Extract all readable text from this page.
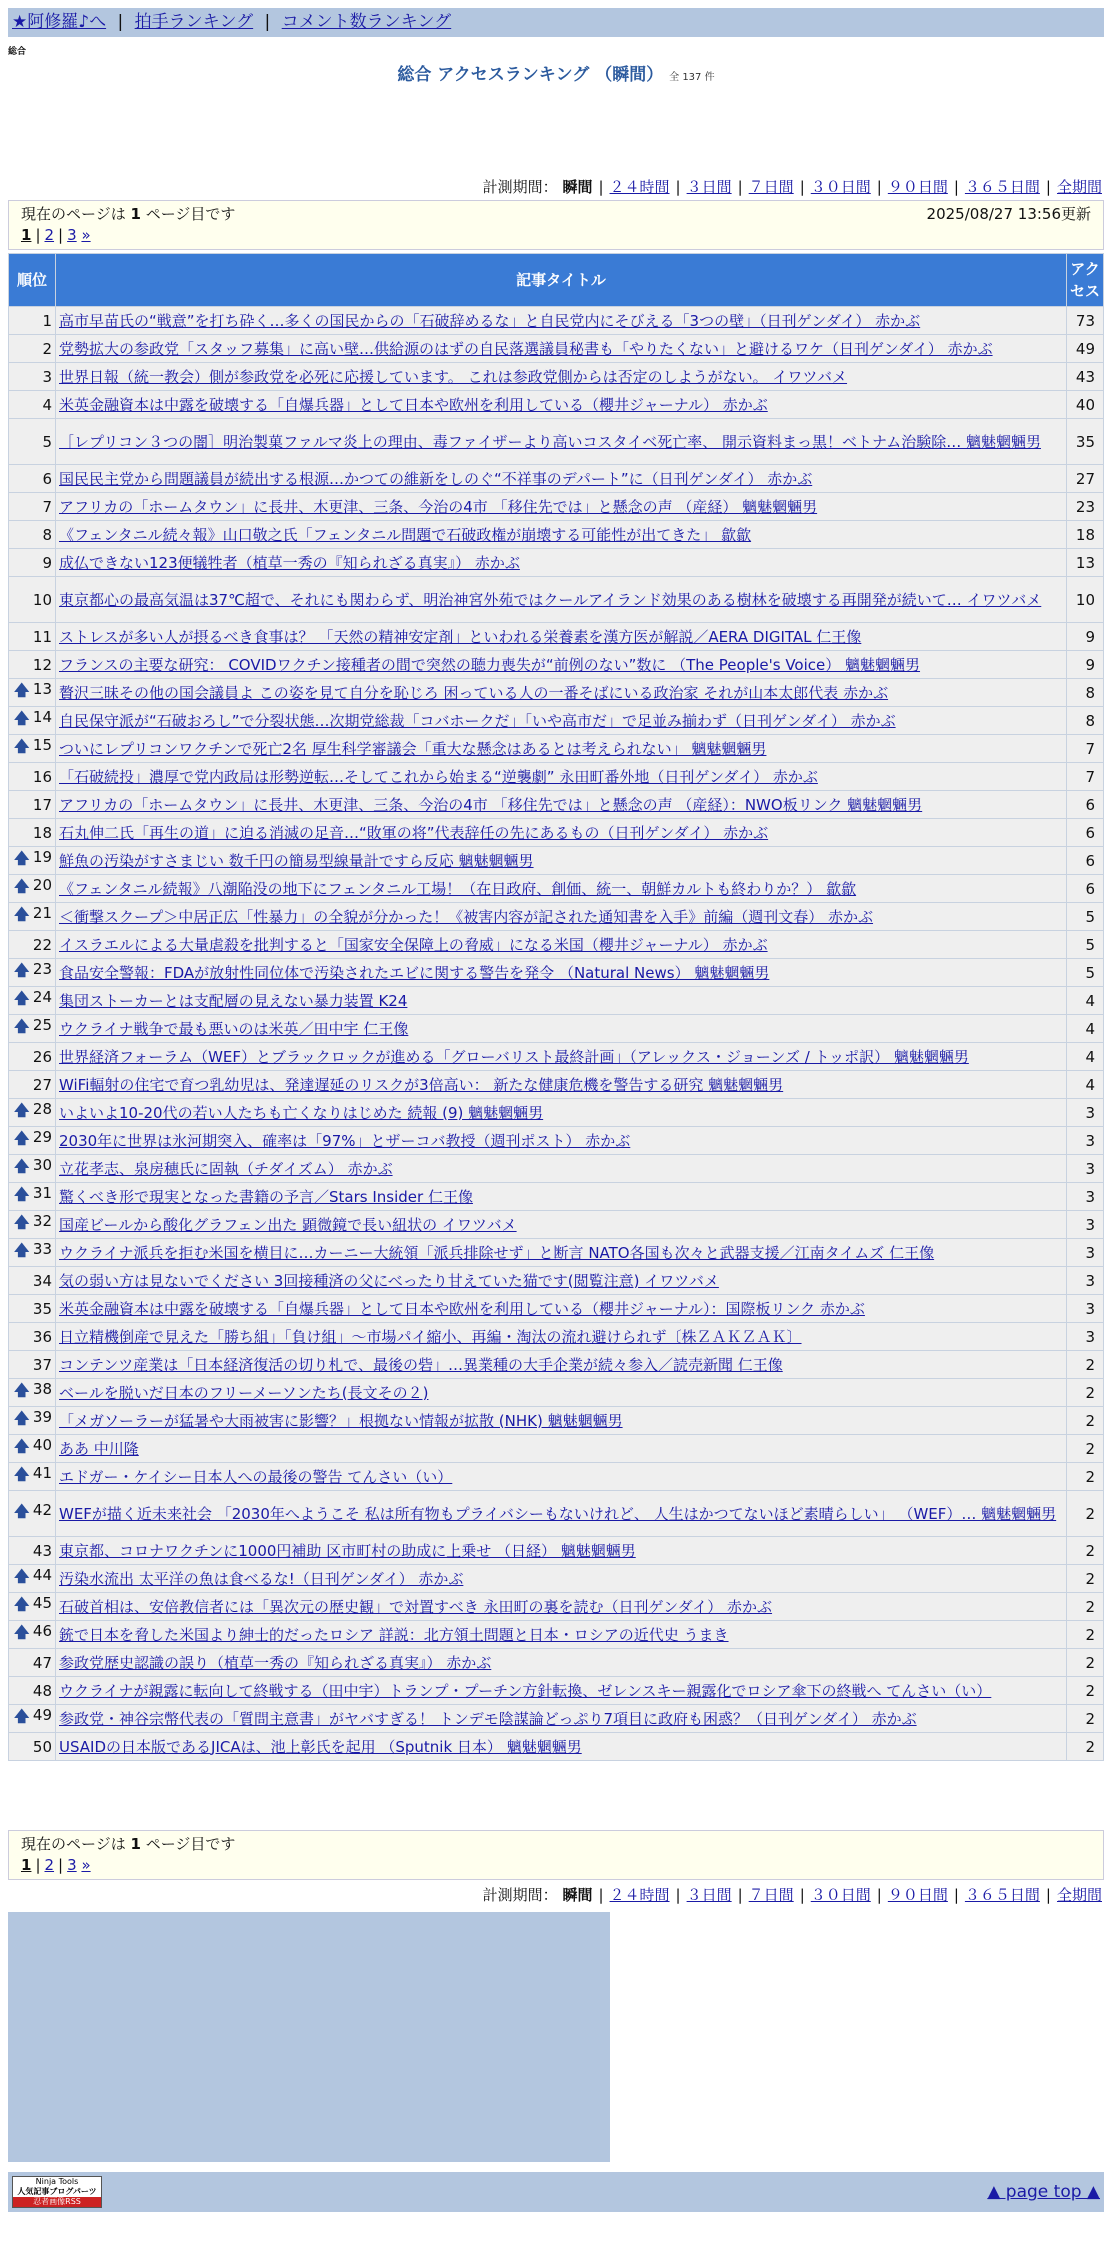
★阿修羅♪へ | 拍手ランキング | コメント数ランキング
総合
総合 アクセスランキング （瞬間） 全 137 件
計測期間： 瞬間 | ２４時間 | ３日間 | ７日間 | ３０日間 | ９０日間 | ３６５日間 | 全期間
現在のページは 1 ページ目です	2025/08/27 13:56更新
1 | 2 | 3 »
順位	記事タイトル	アクセス
1	高市早苗氏の“戦意”を打ち砕く…多くの国民からの「石破辞めるな」と自民党内にそびえる「3つの壁」（日刊ゲンダイ） 赤かぶ	73
2	党勢拡大の参政党「スタッフ募集」に高い壁…供給源のはずの自民落選議員秘書も「やりたくない」と避けるワケ（日刊ゲンダイ） 赤かぶ	49
3	世界日報（統一教会）側が参政党を必死に応援しています。 これは参政党側からは否定のしようがない。 イワツバメ	43
4	米英金融資本は中露を破壊する「自爆兵器」として日本や欧州を利用している（櫻井ジャーナル） 赤かぶ	40
5	［レプリコン３つの闇］明治製菓ファルマ炎上の理由、毒ファイザーより高いコスタイベ死亡率、 開示資料まっ黒！ベトナム治験除… 魑魅魍魎男	35
6	国民民主党から問題議員が続出する根源…かつての維新をしのぐ“不祥事のデパート”に（日刊ゲンダイ） 赤かぶ	27
7	アフリカの「ホームタウン」に長井、木更津、三条、今治の4市 「移住先では」と懸念の声 （産経） 魑魅魍魎男	23
8	《フェンタニル続々報》山口敬之氏「フェンタニル問題で石破政権が崩壊する可能性が出てきた」 歙歙	18
9	成仏できない123便犠牲者（植草一秀の『知られざる真実』） 赤かぶ	13
10	東京都心の最高気温は37℃超で、それにも関わらず、明治神宮外苑ではクールアイランド効果のある樹林を破壊する再開発が続いて… イワツバメ	10
11	ストレスが多い人が摂るべき食事は？ 「天然の精神安定剤」といわれる栄養素を漢方医が解説／AERA DIGITAL 仁王像	9
12	フランスの主要な研究： COVIDワクチン接種者の間で突然の聴力喪失が“前例のない”数に （The People's Voice） 魑魅魍魎男	9

🡅 13	贅沢三昧その他の国会議員よ この姿を見て自分を恥じろ 困っている人の一番そばにいる政治家 それが山本太郎代表 赤かぶ	8

🡅 14	自民保守派が“石破おろし”で分裂状態…次期党総裁「コバホークだ」「いや高市だ」で足並み揃わず（日刊ゲンダイ） 赤かぶ	8

🡅 15	ついにレプリコンワクチンで死亡2名 厚生科学審議会「重大な懸念はあるとは考えられない」 魑魅魍魎男	7
16	「石破続投」濃厚で党内政局は形勢逆転…そしてこれから始まる“逆襲劇” 永田町番外地（日刊ゲンダイ） 赤かぶ	7
17	アフリカの「ホームタウン」に長井、木更津、三条、今治の4市 「移住先では」と懸念の声 （産経）：NWO板リンク 魑魅魍魎男	6
18	石丸伸二氏「再生の道」に迫る消滅の足音…“敗軍の将”代表辞任の先にあるもの（日刊ゲンダイ） 赤かぶ	6

🡅 19	鮮魚の汚染がすさまじい 数千円の簡易型線量計ですら反応 魑魅魍魎男	6

🡅 20	《フェンタニル続報》八潮陥没の地下にフェンタニル工場！（在日政府、創価、統一、朝鮮カルトも終わりか？） 歙歙	6

🡅 21	＜衝撃スクープ＞中居正広「性暴力」の全貌が分かった！《被害内容が記された通知書を入手》前編（週刊文春） 赤かぶ	5
22	イスラエルによる大量虐殺を批判すると「国家安全保障上の脅威」になる米国（櫻井ジャーナル） 赤かぶ	5

🡅 23	食品安全警報：FDAが放射性同位体で汚染されたエビに関する警告を発令 （Natural News） 魑魅魍魎男	5

🡅 24	集団ストーカーとは支配層の見えない暴力装置 K24	4

🡅 25	ウクライナ戦争で最も悪いのは米英／田中宇 仁王像	4
26	世界経済フォーラム（WEF）とブラックロックが進める「グローバリスト最終計画」（アレックス・ジョーンズ / トッポ訳） 魑魅魍魎男	4
27	WiFi輻射の住宅で育つ乳幼児は、発達遅延のリスクが3倍高い： 新たな健康危機を警告する研究 魑魅魍魎男	4

🡅 28	いよいよ10-20代の若い人たちも亡くなりはじめた 続報 (9) 魑魅魍魎男	3

🡅 29	2030年に世界は氷河期突入、確率は「97%」とザーコバ教授（週刊ポスト） 赤かぶ	3

🡅 30	立花孝志、泉房穂氏に固執（チダイズム） 赤かぶ	3

🡅 31	驚くべき形で現実となった書籍の予言／Stars Insider 仁王像	3

🡅 32	国産ビールから酸化グラフェン出た 顕微鏡で長い紐状の イワツバメ	3

🡅 33	ウクライナ派兵を拒む米国を横目に…カーニー大統領「派兵排除せず」と断言 NATO各国も次々と武器支援／江南タイムズ 仁王像	3
34	気の弱い方は見ないでください 3回接種済の父にべったり甘えていた猫です(閲覧注意) イワツバメ	3
35	米英金融資本は中露を破壊する「自爆兵器」として日本や欧州を利用している（櫻井ジャーナル）：国際板リンク 赤かぶ	3
36	日立精機倒産で見えた「勝ち組」「負け組」〜市場パイ縮小、再編・淘汰の流れ避けられず〔株ＺＡＫＺＡＫ〕	3
37	コンテンツ産業は「日本経済復活の切り札で、最後の砦」…異業種の大手企業が続々参入／読売新聞 仁王像	2

🡅 38	ベールを脱いだ日本のフリーメーソンたち(長文その２)	2

🡅 39	「メガソーラーが猛暑や大雨被害に影響？」根拠ない情報が拡散 (NHK) 魑魅魍魎男	2

🡅 40	ああ 中川隆	2

🡅 41	エドガー・ケイシー日本人への最後の警告 てんさい（い）	2

🡅 42	WEFが描く近未来社会 「2030年へようこそ 私は所有物もプライバシーもないけれど、 人生はかつてないほど素晴らしい」 （WEF）… 魑魅魍魎男	2
43	東京都、コロナワクチンに1000円補助 区市町村の助成に上乗せ （日経） 魑魅魍魎男	2

🡅 44	汚染水流出 太平洋の魚は食べるな!（日刊ゲンダイ） 赤かぶ	2

🡅 45	石破首相は、安倍教信者には「異次元の歴史観」で対置すべき 永田町の裏を読む（日刊ゲンダイ） 赤かぶ	2

🡅 46	銃で日本を脅した米国より紳士的だったロシア 詳説：北方領土問題と日本・ロシアの近代史 うまき	2
47	参政党歴史認識の誤り（植草一秀の『知られざる真実』） 赤かぶ	2
48	ウクライナが親露に転向して終戦する（田中宇）トランプ・プーチン方針転換、ゼレンスキー親露化でロシア傘下の終戦へ てんさい（い）	2

🡅 49	参政党・神谷宗幣代表の「質問主意書」がヤバすぎる！ トンデモ陰謀論どっぷり7項目に政府も困惑？（日刊ゲンダイ） 赤かぶ	2
50	USAIDの日本版であるJICAは、池上彰氏を起用 （Sputnik 日本） 魑魅魍魎男	2
現在のページは 1 ページ目です
1 | 2 | 3 »
計測期間： 瞬間 | ２４時間 | ３日間 | ７日間 | ３０日間 | ９０日間 | ３６５日間 | 全期間
Ninja Tools
人気記事ブログパーツ
忍者画像RSS	▲ page top ▲
